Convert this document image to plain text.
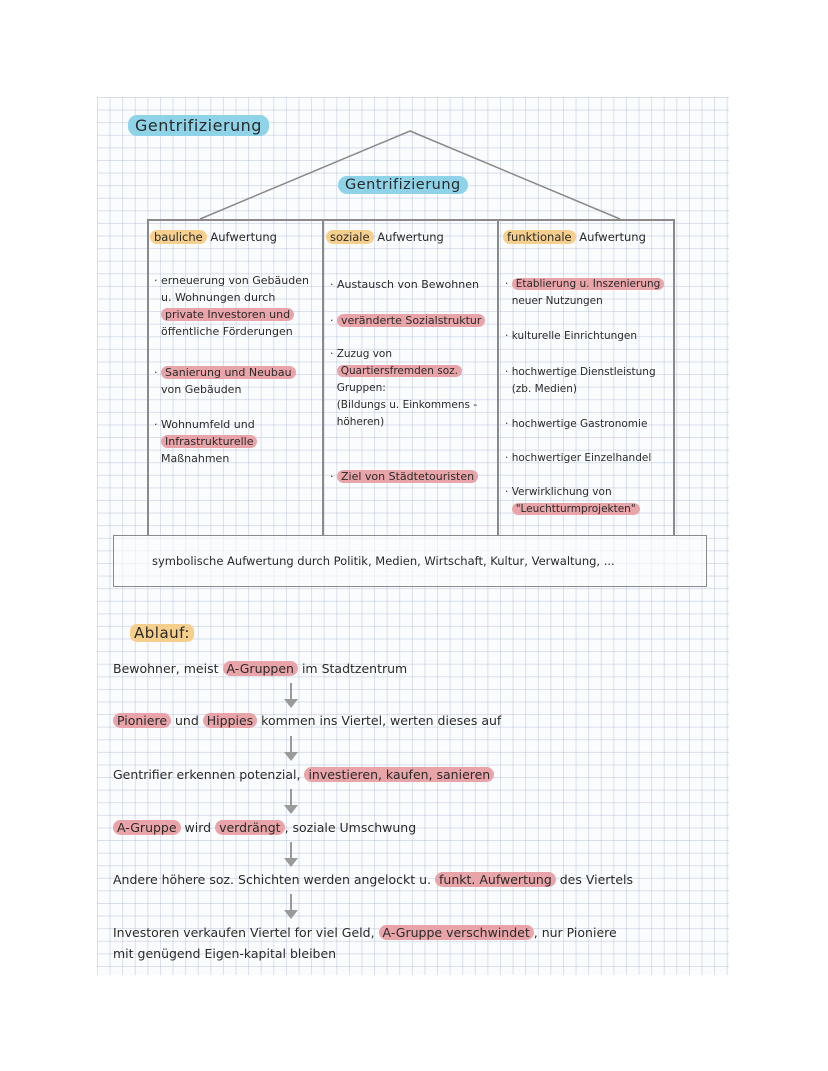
Gentrifizierung
Gentrifizierung
bauliche Aufwertung	soziale Aufwertung	funktionale Aufwertung
· erneuerung von Gebäuden
u. Wohnungen durch
private Investoren und
öffentliche Förderungen
· Sanierung und Neubau
von Gebäuden
· Wohnumfeld und
Infrastrukturelle
Maßnahmen
· Austausch von Bewohnen
· veränderte Sozialstruktur
· Zuzug von
Quartiersfremden soz.
Gruppen:
(Bildungs u. Einkommens -
höheren)
· Ziel von Städtetouristen
· Etablierung u. Inszenierung
neuer Nutzungen
· kulturelle Einrichtungen
· hochwertige Dienstleistung
(zb. Medien)
· hochwertige Gastronomie
· hochwertiger Einzelhandel
· Verwirklichung von
"Leuchtturmprojekten"
symbolische Aufwertung durch Politik, Medien, Wirtschaft, Kultur, Verwaltung, ...
Ablauf:
Bewohner, meist A-Gruppen im Stadtzentrum
Pioniere und Hippies kommen ins Viertel, werten dieses auf
Gentrifier erkennen potenzial, investieren, kaufen, sanieren
A-Gruppe wird verdrängt , soziale Umschwung
Andere höhere soz. Schichten werden angelockt u. funkt. Aufwertung des Viertels
Investoren verkaufen Viertel for viel Geld, A-Gruppe verschwindet , nur Pioniere
mit genügend Eigen-kapital bleiben
